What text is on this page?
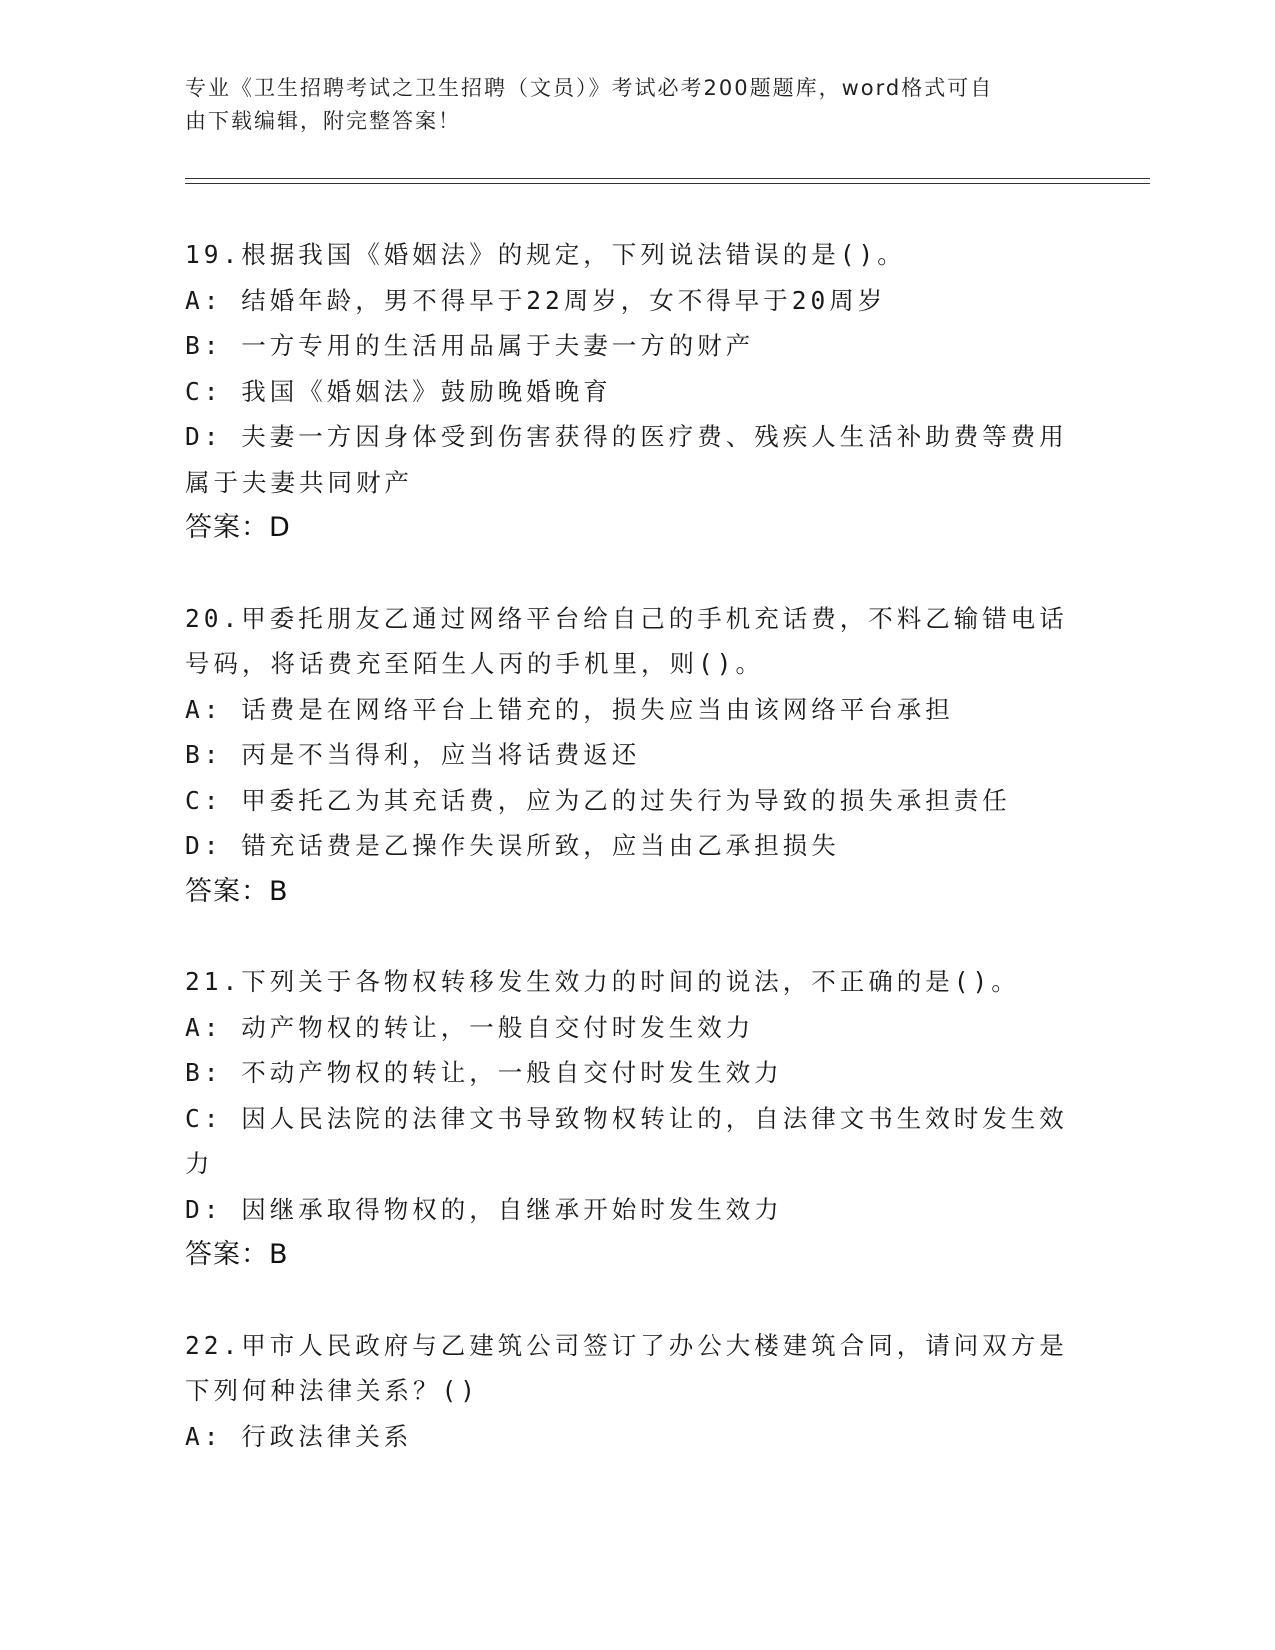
专业《卫生招聘考试之卫生招聘（文员）》考试必考200题题库，word格式可自
由下载编辑，附完整答案！
19.根据我国《婚姻法》的规定，下列说法错误的是()。
A: 结婚年龄，男不得早于22周岁，女不得早于20周岁
B: 一方专用的生活用品属于夫妻一方的财产
C: 我国《婚姻法》鼓励晚婚晚育
D: 夫妻一方因身体受到伤害获得的医疗费、残疾人生活补助费等费用
属于夫妻共同财产
答案：D
20.甲委托朋友乙通过网络平台给自己的手机充话费，不料乙输错电话
号码，将话费充至陌生人丙的手机里，则()。
A: 话费是在网络平台上错充的，损失应当由该网络平台承担
B: 丙是不当得利，应当将话费返还
C: 甲委托乙为其充话费，应为乙的过失行为导致的损失承担责任
D: 错充话费是乙操作失误所致，应当由乙承担损失
答案：B
21.下列关于各物权转移发生效力的时间的说法，不正确的是()。
A: 动产物权的转让，一般自交付时发生效力
B: 不动产物权的转让，一般自交付时发生效力
C: 因人民法院的法律文书导致物权转让的，自法律文书生效时发生效
力
D: 因继承取得物权的，自继承开始时发生效力
答案：B
22.甲市人民政府与乙建筑公司签订了办公大楼建筑合同，请问双方是
下列何种法律关系？()
A: 行政法律关系
